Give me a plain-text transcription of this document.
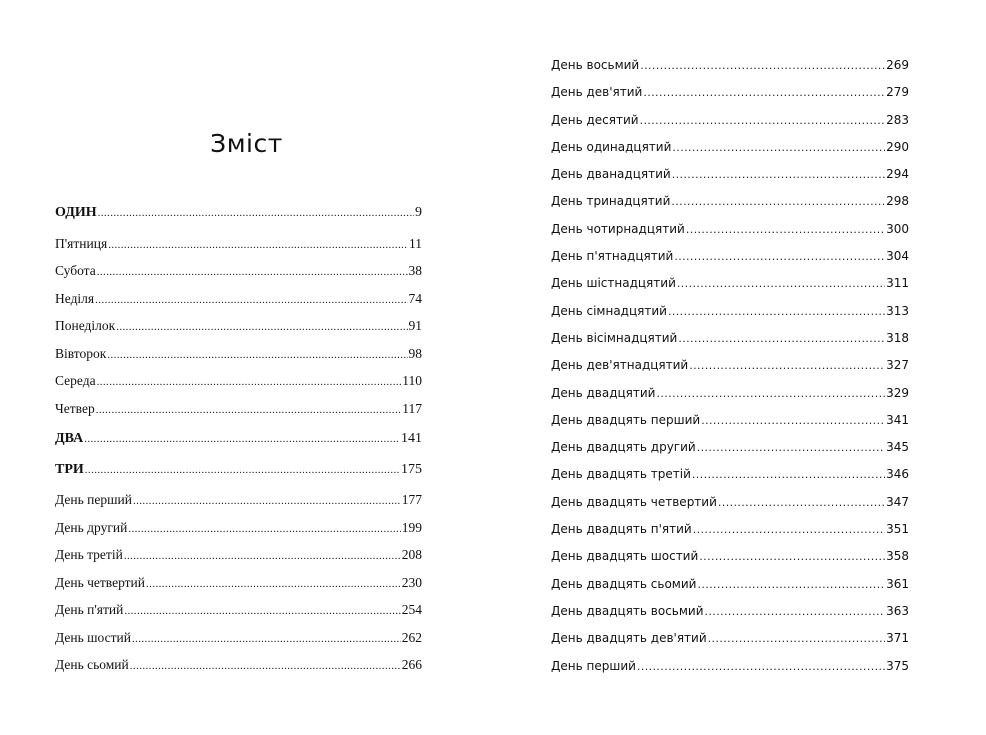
Зміст
ОДИН .....	9
П'ятниця .....	11
Субота .....	38
Неділя .....	74
Понеділок .....	91
Вівторок .....	98
Середа .....	110
Четвер .....	117
ДВА .....	141
ТРИ .....	175
День перший .....	177
День другий .....	199
День третій .....	208
День четвертий .....	230
День п'ятий .....	254
День шостий .....	262
День сьомий .....	266
День восьмий .....	269
День дев'ятий .....	279
День десятий .....	283
День одинадцятий .....	290
День дванадцятий .....	294
День тринадцятий .....	298
День чотирнадцятий .....	300
День п'ятнадцятий .....	304
День шістнадцятий .....	311
День сімнадцятий .....	313
День вісімнадцятий .....	318
День дев'ятнадцятий .....	327
День двадцятий .....	329
День двадцять перший .....	341
День двадцять другий .....	345
День двадцять третій .....	346
День двадцять четвертий .....	347
День двадцять п'ятий .....	351
День двадцять шостий .....	358
День двадцять сьомий .....	361
День двадцять восьмий .....	363
День двадцять дев'ятий .....	371
День перший .....	375
